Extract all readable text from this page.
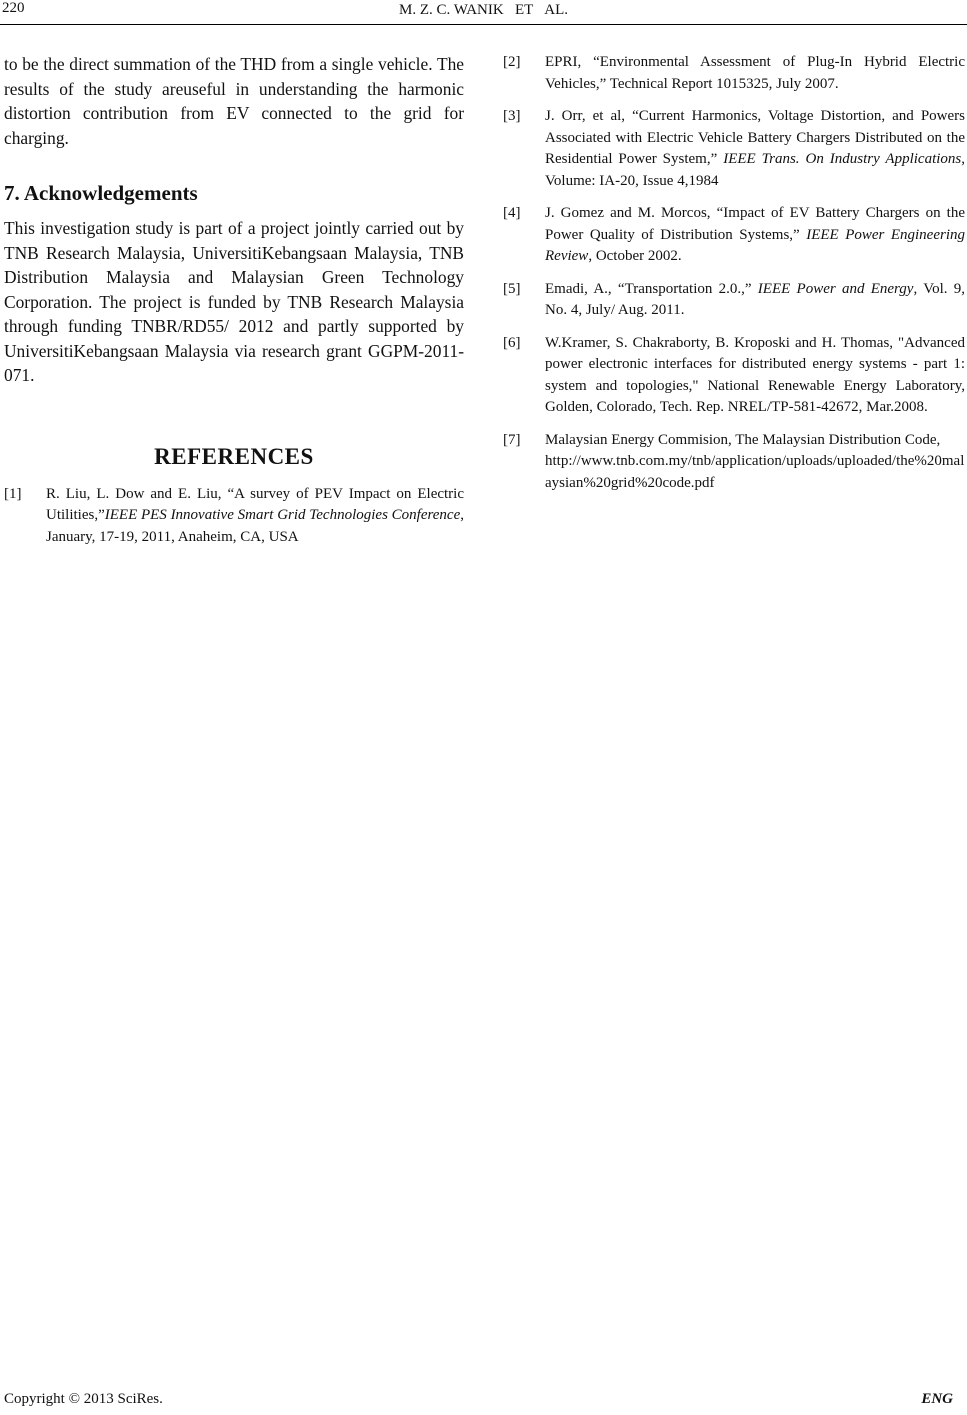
220	M. Z. C. WANIK   ET   AL.

to be the direct summation of the THD from a single vehicle. The results of the study areuseful in understanding the harmonic distortion contribution from EV connected to the grid for charging.

7. Acknowledgements

This investigation study is part of a project jointly carried out by TNB Research Malaysia, UniversitiKebangsaan Malaysia, TNB Distribution Malaysia and Malaysian Green Technology Corporation. The project is funded by TNB Research Malaysia through funding TNBR/RD55/ 2012 and partly supported by UniversitiKebangsaan Malaysia via research grant GGPM-2011-071.

REFERENCES
[1]	R. Liu, L. Dow and E. Liu, “A survey of PEV Impact on Electric Utilities,”IEEE PES Innovative Smart Grid Technologies Conference, January, 17-19, 2011, Anaheim, CA, USA
[2]	EPRI, “Environmental Assessment of Plug-In Hybrid Electric Vehicles,” Technical Report 1015325, July 2007.
[3]	J. Orr, et al, “Current Harmonics, Voltage Distortion, and Powers Associated with Electric Vehicle Battery Chargers Distributed on the Residential Power System,” IEEE Trans. On Industry Applications, Volume: IA-20, Issue 4,1984
[4]	J. Gomez and M. Morcos, “Impact of EV Battery Chargers on the Power Quality of Distribution Systems,” IEEE Power Engineering Review, October 2002.
[5]	Emadi, A., “Transportation 2.0.,” IEEE Power and Energy, Vol. 9, No. 4, July/ Aug. 2011.
[6]	W.Kramer, S. Chakraborty, B. Kroposki and H. Thomas, "Advanced power electronic interfaces for distributed energy systems - part 1: system and topologies," National Renewable Energy Laboratory, Golden, Colorado, Tech. Rep. NREL/TP-581-42672, Mar.2008.
[7]	Malaysian Energy Commision, The Malaysian Distribution Code,
http://www.tnb.com.my/tnb/application/uploads/uploaded/the%20malaysian%20grid%20code.pdf
Copyright © 2013 SciRes.	ENG
